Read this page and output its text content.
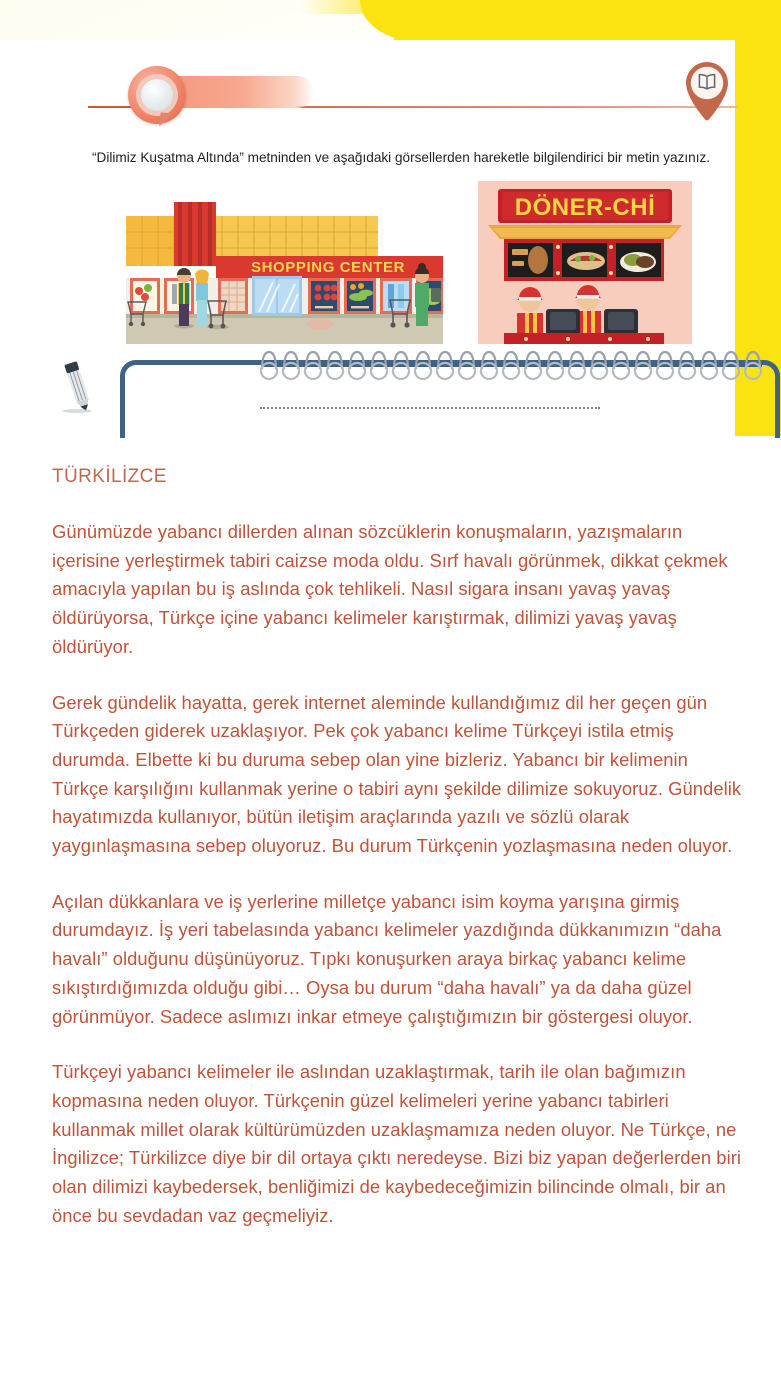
“Dilimiz Kuşatma Altında” metninden ve aşağıdaki görsellerden hareketle bilgilendirici bir metin yazınız.

SHOPPING CENTER
DÖNER-CHİ
TÜRKİLİZCE

Günümüzde yabancı dillerden alınan sözcüklerin konuşmaların, yazışmaların içerisine yerleştirmek tabiri caizse moda oldu. Sırf havalı görünmek, dikkat çekmek amacıyla yapılan bu iş aslında çok tehlikeli. Nasıl sigara insanı yavaş yavaş öldürüyorsa, Türkçe içine yabancı kelimeler karıştırmak, dilimizi yavaş yavaş öldürüyor.

Gerek gündelik hayatta, gerek internet aleminde kullandığımız dil her geçen gün Türkçeden giderek uzaklaşıyor. Pek çok yabancı kelime Türkçeyi istila etmiş durumda. Elbette ki bu duruma sebep olan yine bizleriz. Yabancı bir kelimenin Türkçe karşılığını kullanmak yerine o tabiri aynı şekilde dilimize sokuyoruz. Gündelik hayatımızda kullanıyor, bütün iletişim araçlarında yazılı ve sözlü olarak yaygınlaşmasına sebep oluyoruz. Bu durum Türkçenin yozlaşmasına neden oluyor.

Açılan dükkanlara ve iş yerlerine milletçe yabancı isim koyma yarışına girmiş durumdayız. İş yeri tabelasında yabancı kelimeler yazdığında dükkanımızın “daha havalı” olduğunu düşünüyoruz. Tıpkı konuşurken araya birkaç yabancı kelime sıkıştırdığımızda olduğu gibi… Oysa bu durum “daha havalı” ya da daha güzel görünmüyor. Sadece aslımızı inkar etmeye çalıştığımızın bir göstergesi oluyor.

Türkçeyi yabancı kelimeler ile aslından uzaklaştırmak, tarih ile olan bağımızın kopmasına neden oluyor. Türkçenin güzel kelimeleri yerine yabancı tabirleri kullanmak millet olarak kültürümüzden uzaklaşmamıza neden oluyor. Ne Türkçe, ne İngilizce; Türkilizce diye bir dil ortaya çıktı neredeyse. Bizi biz yapan değerlerden biri olan dilimizi kaybedersek, benliğimizi de kaybedeceğimizin bilincinde olmalı, bir an önce bu sevdadan vaz geçmeliyiz.
